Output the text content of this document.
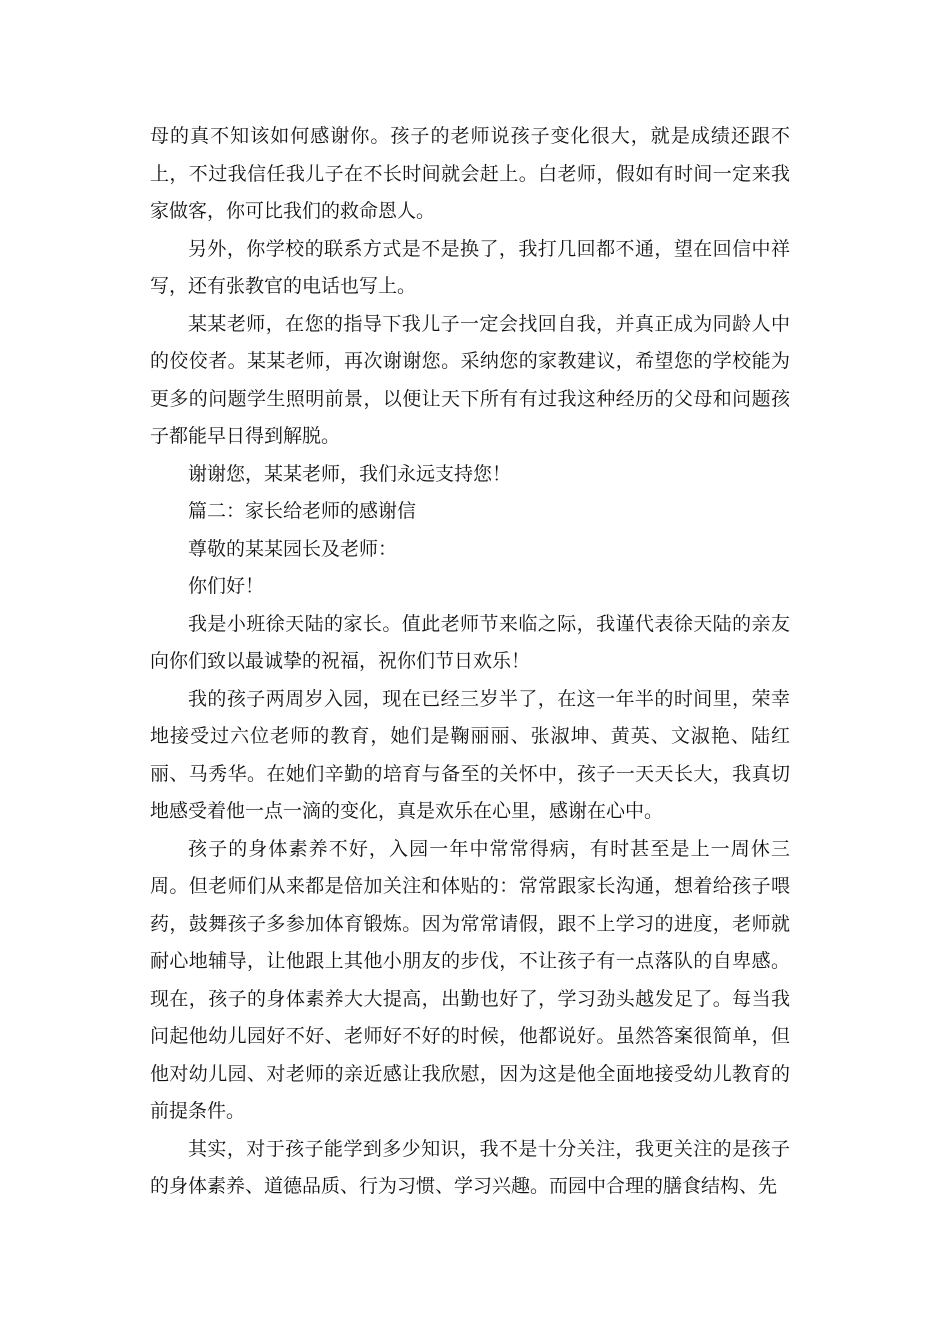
母的真不知该如何感谢你。孩子的老师说孩子变化很大，就是成绩还跟不上，不过我信任我儿子在不长时间就会赶上。白老师，假如有时间一定来我家做客，你可比我们的救命恩人。

另外，你学校的联系方式是不是换了，我打几回都不通，望在回信中祥写，还有张教官的电话也写上。

某某老师，在您的指导下我儿子一定会找回自我，并真正成为同龄人中的佼佼者。某某老师，再次谢谢您。采纳您的家教建议，希望您的学校能为更多的问题学生照明前景，以便让天下所有有过我这种经历的父母和问题孩子都能早日得到解脱。

谢谢您，某某老师，我们永远支持您！

篇二：家长给老师的感谢信

尊敬的某某园长及老师：

你们好！

我是小班徐天陆的家长。值此老师节来临之际，我谨代表徐天陆的亲友向你们致以最诚挚的祝福，祝你们节日欢乐！

我的孩子两周岁入园，现在已经三岁半了，在这一年半的时间里，荣幸地接受过六位老师的教育，她们是鞠丽丽、张淑坤、黄英、文淑艳、陆红丽、马秀华。在她们辛勤的培育与备至的关怀中，孩子一天天长大，我真切地感受着他一点一滴的变化，真是欢乐在心里，感谢在心中。

孩子的身体素养不好，入园一年中常常得病，有时甚至是上一周休三周。但老师们从来都是倍加关注和体贴的：常常跟家长沟通，想着给孩子喂药，鼓舞孩子多参加体育锻炼。因为常常请假，跟不上学习的进度，老师就耐心地辅导，让他跟上其他小朋友的步伐，不让孩子有一点落队的自卑感。现在，孩子的身体素养大大提高，出勤也好了，学习劲头越发足了。每当我问起他幼儿园好不好、老师好不好的时候，他都说好。虽然答案很简单，但他对幼儿园、对老师的亲近感让我欣慰，因为这是他全面地接受幼儿教育的前提条件。

其实，对于孩子能学到多少知识，我不是十分关注，我更关注的是孩子的身体素养、道德品质、行为习惯、学习兴趣。而园中合理的膳食结构、先
